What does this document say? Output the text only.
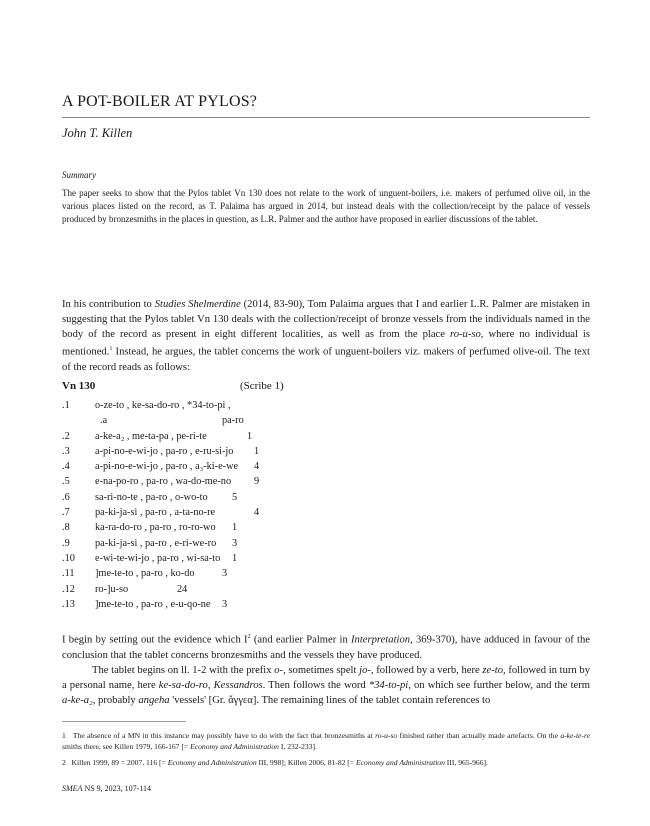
A POT-BOILER AT PYLOS?
John T. Killen
Summary
The paper seeks to show that the Pylos tablet Vn 130 does not relate to the work of unguent-boilers, i.e. makers of perfumed olive oil, in the various places listed on the record, as T. Palaima has argued in 2014, but instead deals with the collection/receipt by the palace of vessels produced by bronzesmiths in the places in question, as L.R. Palmer and the author have proposed in earlier discussions of the tablet.
In his contribution to Studies Shelmerdine (2014, 83-90), Tom Palaima argues that I and earlier L.R. Palmer are mistaken in suggesting that the Pylos tablet Vn 130 deals with the collection/receipt of bronze vessels from the individuals named in the body of the record as present in eight different localities, as well as from the place ro-u-so, where no individual is mentioned.$^1$ Instead, he argues, the tablet concerns the work of unguent-boilers viz. makers of perfumed olive-oil. The text of the record reads as follows:
Vn 130	(Scribe 1)
.1 o-ze-to , ke-sa-do-ro , *34-to-pi ,
.a	pa-ro
.2 a-ke-a₂ , me-ta-pa , pe-ri-te	1
.3 a-pi-no-e-wi-jo , pa-ro , e-ru-si-jo 1
.4 a-pi-no-e-wi-jo , pa-ro , a₃-ki-e-we 4
.5 e-na-po-ro , pa-ro , wa-do-me-no 9
.6 sa-ri-no-te , pa-ro , o-wo-to 5
.7 pa-ki-ja-si , pa-ro , a-ta-no-re	4
.8 ka-ra-do-ro , pa-ro , ro-ro-wo 1
.9 pa-ki-ja-si , pa-ro , e-ri-we-ro 3
.10 e-wi-te-wi-jo , pa-ro , wi-sa-to 1
.11 ]me-te-to , pa-ro , ko-do	3
.12 ro-]u-so	24
.13 ]me-te-to , pa-ro , e-u-qo-ne 3
I begin by setting out the evidence which $I^2$ (and earlier Palmer in Interpretation, 369-370), have adduced in favour of the conclusion that the tablet concerns bronzesmiths and the vessels they have produced.
The tablet begins on ll. 1-2 with the prefix o-, sometimes spelt jo-, followed by a verb, here ze-to, followed in turn by a personal name, here ke-sa-do-ro, Kessandros. Then follows the word *34-to-pi, on which see further below, and the term a-ke-a₂, probably angeha 'vessels' [Gr. ἄγγεα]. The remaining lines of the tablet contain references to
1 The absence of a MN in this instance may possibly have to do with the fact that bronzesmiths at ro-u-so finished rather than actually made artefacts. On the a-ke-te-re smiths there, see Killen 1979, 166-167 [= Economy and Administration I, 232-233].
2 Killen 1999, 89 = 2007, 116 [= Economy and Administration III, 998]; Killen 2006, 81-82 [= Economy and Administration III, 965-966].
SMEA NS 9, 2023, 107-114
